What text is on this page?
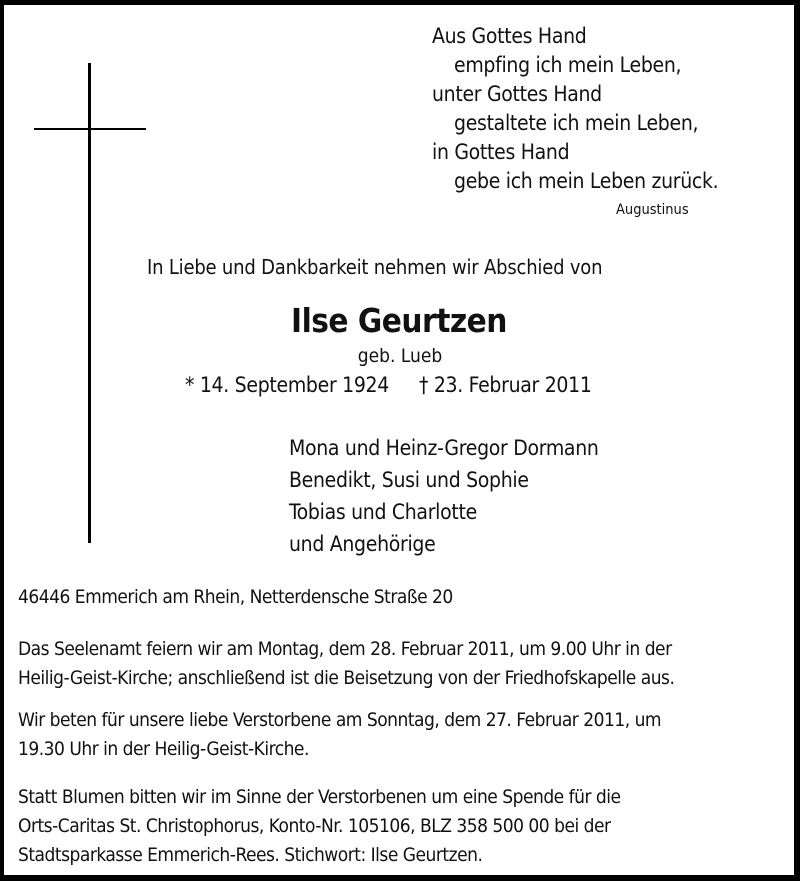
Aus Gottes Hand
empfing ich mein Leben,
unter Gottes Hand
gestaltete ich mein Leben,
in Gottes Hand
gebe ich mein Leben zurück.
Augustinus
In Liebe und Dankbarkeit nehmen wir Abschied von
Ilse Geurtzen
geb. Lueb
* 14. September 1924 † 23. Februar 2011
Mona und Heinz-Gregor Dormann
Benedikt, Susi und Sophie
Tobias und Charlotte
und Angehörige
46446 Emmerich am Rhein, Netterdensche Straße 20
Das Seelenamt feiern wir am Montag, dem 28. Februar 2011, um 9.00 Uhr in der
Heilig-Geist-Kirche; anschließend ist die Beisetzung von der Friedhofskapelle aus.
Wir beten für unsere liebe Verstorbene am Sonntag, dem 27. Februar 2011, um
19.30 Uhr in der Heilig-Geist-Kirche.
Statt Blumen bitten wir im Sinne der Verstorbenen um eine Spende für die
Orts-Caritas St. Christophorus, Konto-Nr. 105106, BLZ 358 500 00 bei der
Stadtsparkasse Emmerich-Rees. Stichwort: Ilse Geurtzen.
